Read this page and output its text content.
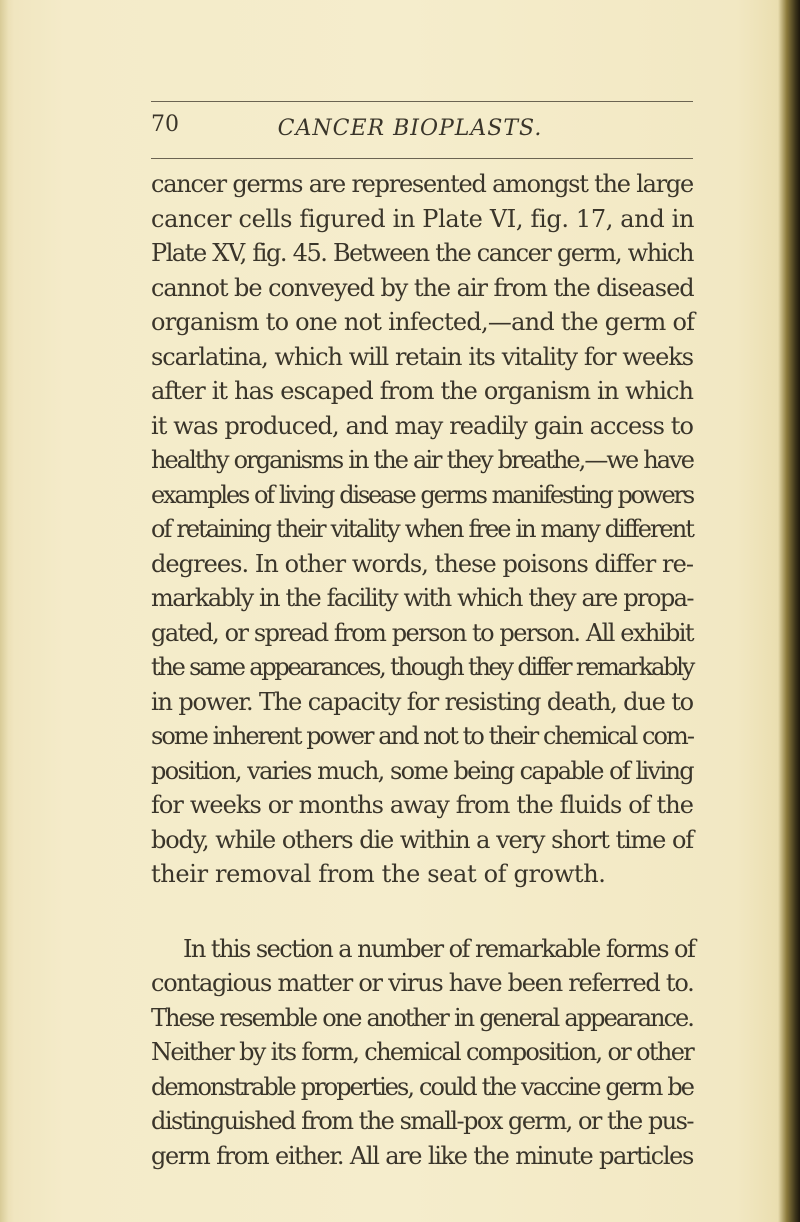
70	CANCER BIOPLASTS.
cancer germs are represented amongst the large
cancer cells figured in Plate VI, fig. 17, and in
Plate XV, fig. 45. Between the cancer germ, which
cannot be conveyed by the air from the diseased
organism to one not infected,—and the germ of
scarlatina, which will retain its vitality for weeks
after it has escaped from the organism in which
it was produced, and may readily gain access to
healthy organisms in the air they breathe,—we have
examples of living disease germs manifesting powers
of retaining their vitality when free in many different
degrees. In other words, these poisons differ re-
markably in the facility with which they are propa-
gated, or spread from person to person. All exhibit
the same appearances, though they differ remarkably
in power. The capacity for resisting death, due to
some inherent power and not to their chemical com-
position, varies much, some being capable of living
for weeks or months away from the fluids of the
body, while others die within a very short time of
their removal from the seat of growth.
In this section a number of remarkable forms of
contagious matter or virus have been referred to.
These resemble one another in general appearance.
Neither by its form, chemical composition, or other
demonstrable properties, could the vaccine germ be
distinguished from the small-pox germ, or the pus-
germ from either. All are like the minute particles
